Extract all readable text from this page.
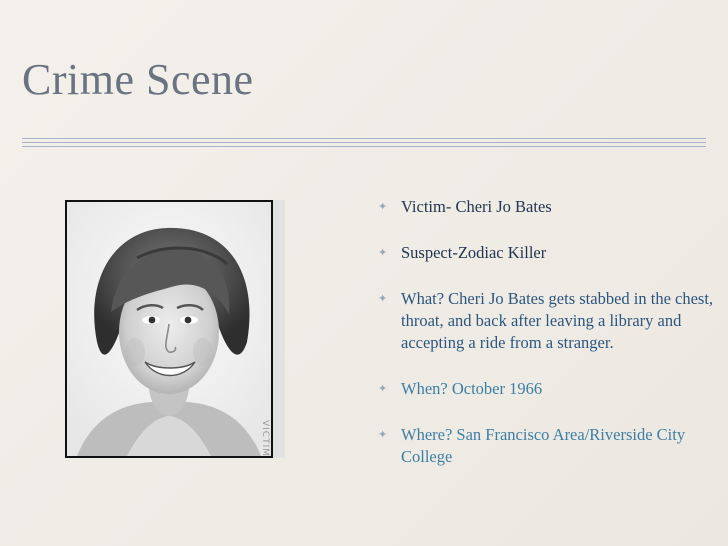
Crime Scene
✦ Victim- Cheri Jo Bates
✦ Suspect-Zodiac Killer
✦ What? Cheri Jo Bates gets stabbed in the chest, throat, and back after leaving a library and accepting a ride from a stranger.
✦ When? October 1966
✦ Where? San Francisco Area/Riverside City College
